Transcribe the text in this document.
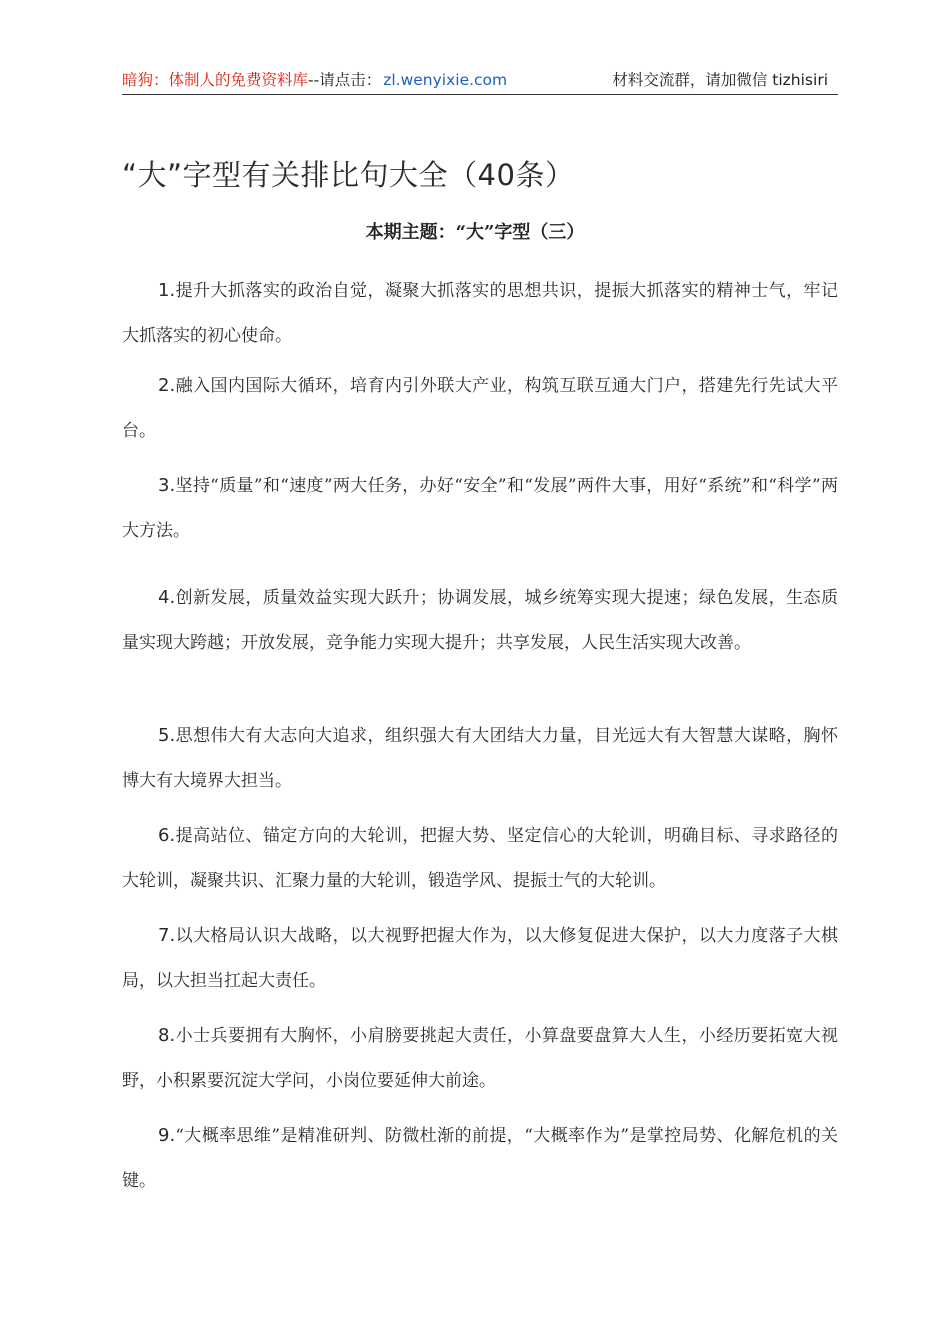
暗狗：体制人的免费资料库--请点击： zl.wenyixie.com	材料交流群，请加微信 tizhisiri
“大”字型有关排比句大全（40条）
本期主题：“大”字型（三）
1.提升大抓落实的政治自觉，凝聚大抓落实的思想共识，提振大抓落实的精神士气，牢记大抓落实的初心使命。
2.融入国内国际大循环，培育内引外联大产业，构筑互联互通大门户，搭建先行先试大平台。
3.坚持“质量”和“速度”两大任务，办好“安全”和“发展”两件大事，用好“系统”和“科学”两大方法。
4.创新发展，质量效益实现大跃升；协调发展，城乡统筹实现大提速；绿色发展，生态质量实现大跨越；开放发展，竞争能力实现大提升；共享发展，人民生活实现大改善。
5.思想伟大有大志向大追求，组织强大有大团结大力量，目光远大有大智慧大谋略，胸怀博大有大境界大担当。
6.提高站位、锚定方向的大轮训，把握大势、坚定信心的大轮训，明确目标、寻求路径的大轮训，凝聚共识、汇聚力量的大轮训，锻造学风、提振士气的大轮训。
7.以大格局认识大战略，以大视野把握大作为，以大修复促进大保护，以大力度落子大棋局，以大担当扛起大责任。
8.小士兵要拥有大胸怀，小肩膀要挑起大责任，小算盘要盘算大人生，小经历要拓宽大视野，小积累要沉淀大学问，小岗位要延伸大前途。
9.“大概率思维”是精准研判、防微杜渐的前提，“大概率作为”是掌控局势、化解危机的关键。
